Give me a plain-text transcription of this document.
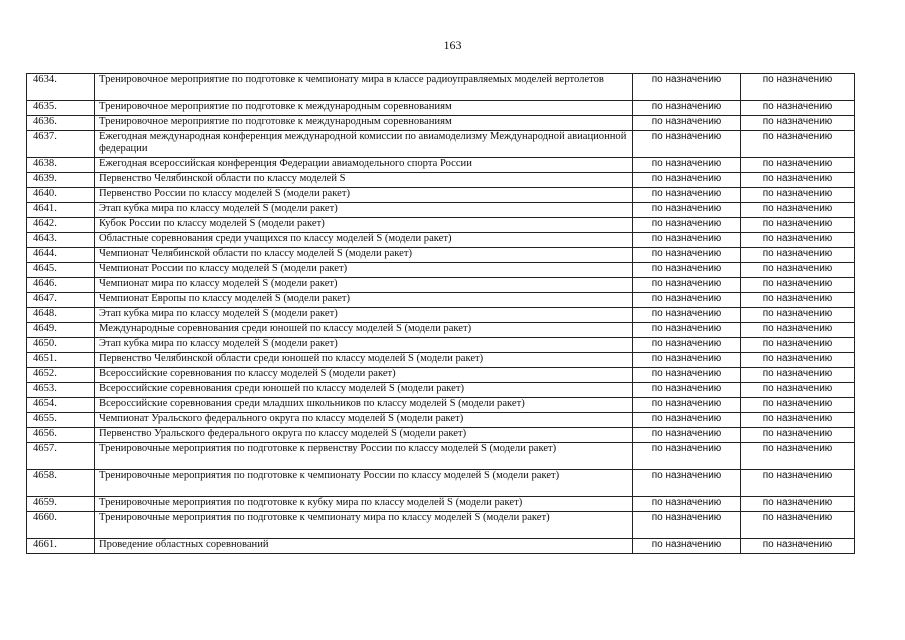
163
4634.	Тренировочное мероприятие по подготовке к чемпионату мира в классе радиоуправляемых моделей вертолетов	по назначению	по назначению
4635.	Тренировочное мероприятие по подготовке к международным соревнованиям	по назначению	по назначению
4636.	Тренировочное мероприятие по подготовке к международным соревнованиям	по назначению	по назначению
4637.	Ежегодная международная конференция международной комиссии по авиамоделизму Международной авиационной федерации	по назначению	по назначению
4638.	Ежегодная всероссийская конференция Федерации авиамодельного спорта России	по назначению	по назначению
4639.	Первенство Челябинской области по классу моделей S	по назначению	по назначению
4640.	Первенство России по классу моделей S (модели ракет)	по назначению	по назначению
4641.	Этап кубка мира по классу моделей S (модели ракет)	по назначению	по назначению
4642.	Кубок России по классу моделей S (модели ракет)	по назначению	по назначению
4643.	Областные соревнования среди учащихся по классу моделей S (модели ракет)	по назначению	по назначению
4644.	Чемпионат Челябинской области по классу моделей S (модели ракет)	по назначению	по назначению
4645.	Чемпионат России по классу моделей S (модели ракет)	по назначению	по назначению
4646.	Чемпионат мира по классу моделей S (модели ракет)	по назначению	по назначению
4647.	Чемпионат Европы по классу моделей S (модели ракет)	по назначению	по назначению
4648.	Этап кубка мира по классу моделей S (модели ракет)	по назначению	по назначению
4649.	Международные соревнования среди юношей по классу моделей S (модели ракет)	по назначению	по назначению
4650.	Этап кубка мира по классу моделей S (модели ракет)	по назначению	по назначению
4651.	Первенство Челябинской области среди юношей по классу моделей S (модели ракет)	по назначению	по назначению
4652.	Всероссийские соревнования по классу моделей S (модели ракет)	по назначению	по назначению
4653.	Всероссийские соревнования среди юношей по классу моделей S (модели ракет)	по назначению	по назначению
4654.	Всероссийские соревнования среди младших школьников по классу моделей S (модели ракет)	по назначению	по назначению
4655.	Чемпионат Уральского федерального округа по классу моделей S (модели ракет)	по назначению	по назначению
4656.	Первенство Уральского федерального округа по классу моделей S (модели ракет)	по назначению	по назначению
4657.	Тренировочные мероприятия по подготовке к первенству России по классу моделей S (модели ракет)	по назначению	по назначению
4658.	Тренировочные мероприятия по подготовке к чемпионату России по классу моделей S (модели ракет)	по назначению	по назначению
4659.	Тренировочные мероприятия по подготовке к кубку мира по классу моделей S (модели ракет)	по назначению	по назначению
4660.	Тренировочные мероприятия по подготовке к чемпионату мира по классу моделей S (модели ракет)	по назначению	по назначению
4661.	Проведение областных соревнований	по назначению	по назначению
